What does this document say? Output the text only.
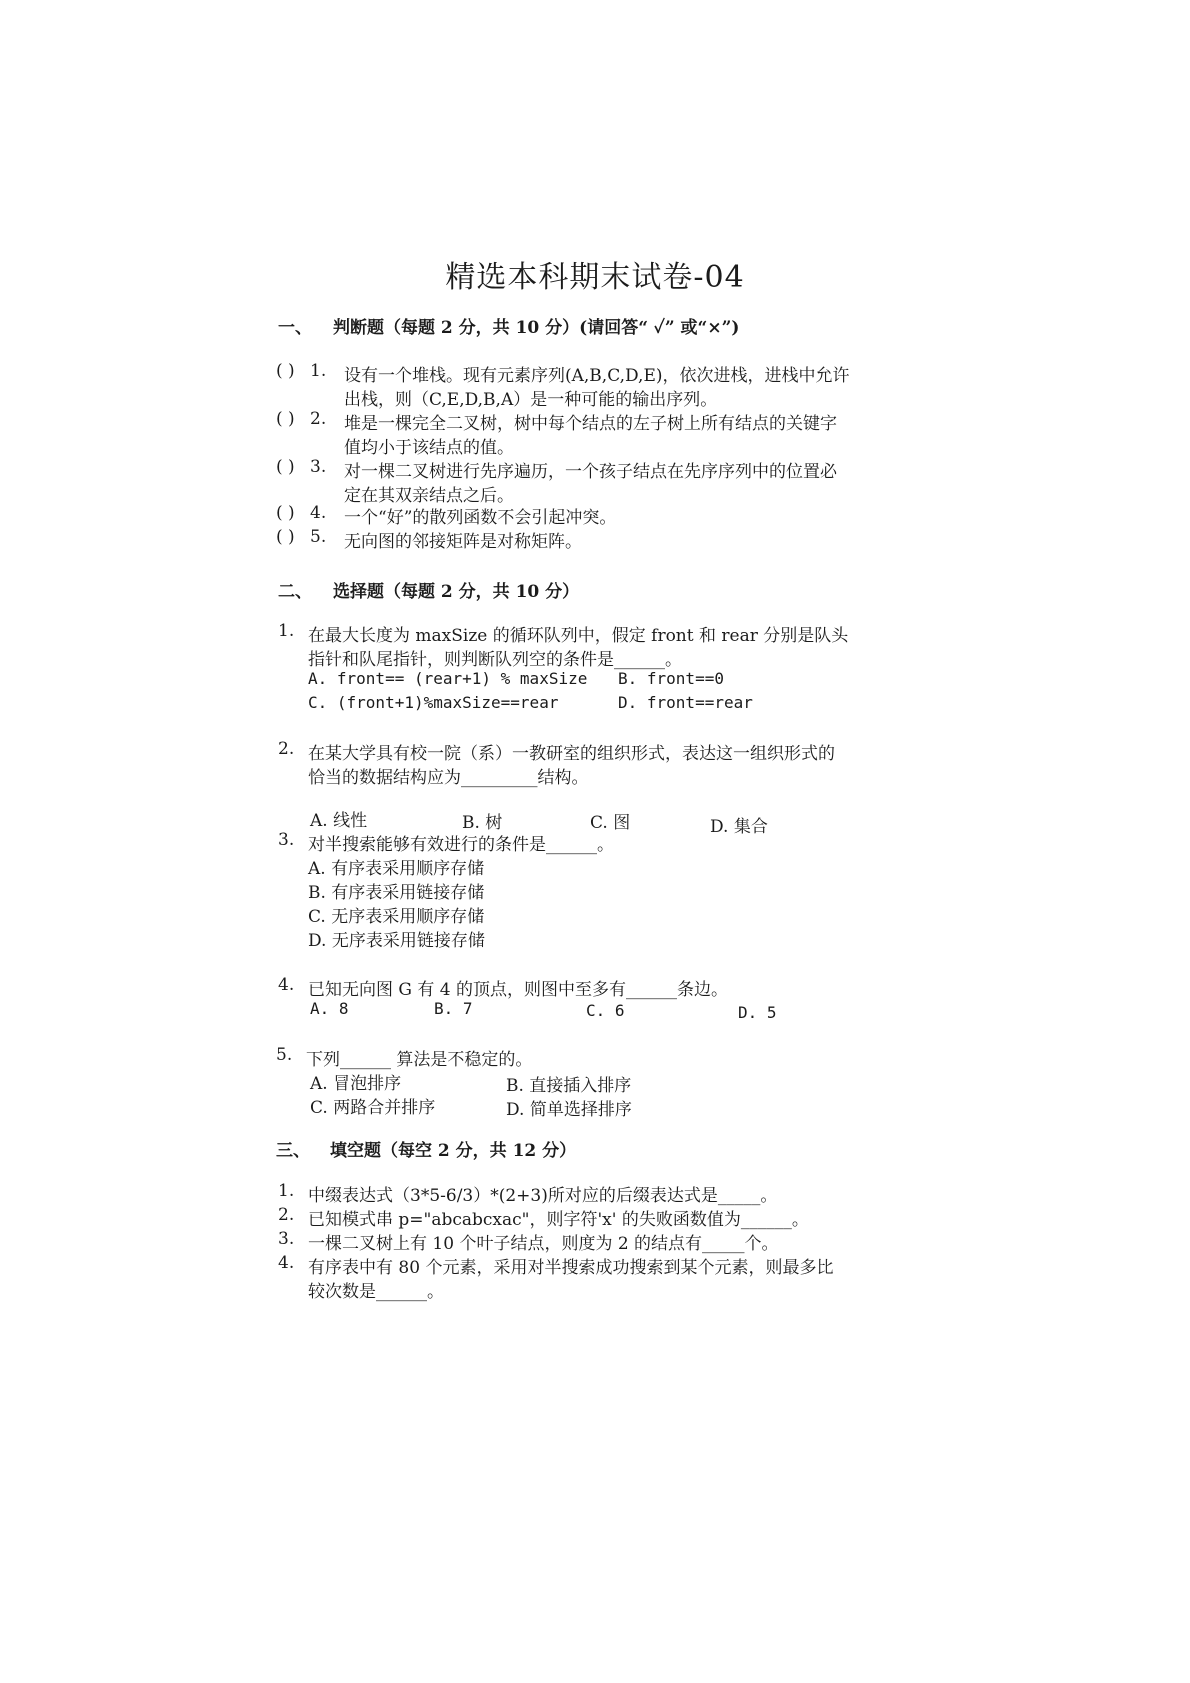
精选本科期末试卷-04
一、 判断题（每题 2 分，共 10 分）(请回答“ ✓” 或“×”)
( ) 1. 设有一个堆栈。现有元素序列(A,B,C,D,E)，依次进栈，进栈中允许
出栈，则（C,E,D,B,A）是一种可能的输出序列。
( ) 2. 堆是一棵完全二叉树，树中每个结点的左子树上所有结点的关键字
值均小于该结点的值。
( ) 3. 对一棵二叉树进行先序遍历，一个孩子结点在先序序列中的位置必
定在其双亲结点之后。
( ) 4. 一个“好”的散列函数不会引起冲突。
( ) 5. 无向图的邻接矩阵是对称矩阵。
二、 选择题（每题 2 分，共 10 分）
1. 在最大长度为 maxSize 的循环队列中，假定 front 和 rear 分别是队头
指针和队尾指针，则判断队列空的条件是______。
A. front== (rear+1) % maxSize B. front==0
C. (front+1)%maxSize==rear	D. front==rear
2. 在某大学具有校一院（系）一教研室的组织形式，表达这一组织形式的
恰当的数据结构应为_________结构。
A. 线性	B. 树	C. 图	D. 集合
3. 对半搜索能够有效进行的条件是______。
A. 有序表采用顺序存储
B. 有序表采用链接存储
C. 无序表采用顺序存储
D. 无序表采用链接存储
4. 已知无向图 G 有 4 的顶点，则图中至多有______条边。
A. 8	B. 7	C. 6	D. 5
5. 下列______ 算法是不稳定的。
A. 冒泡排序	B. 直接插入排序
C. 两路合并排序	D. 简单选择排序
三、 填空题（每空 2 分，共 12 分）
1. 中缀表达式（3*5-6/3）*(2+3)所对应的后缀表达式是_____。
2. 已知模式串 p="abcabcxac"，则字符'x' 的失败函数值为______。
3. 一棵二叉树上有 10 个叶子结点，则度为 2 的结点有_____个。
4. 有序表中有 80 个元素，采用对半搜索成功搜索到某个元素，则最多比
较次数是______。
